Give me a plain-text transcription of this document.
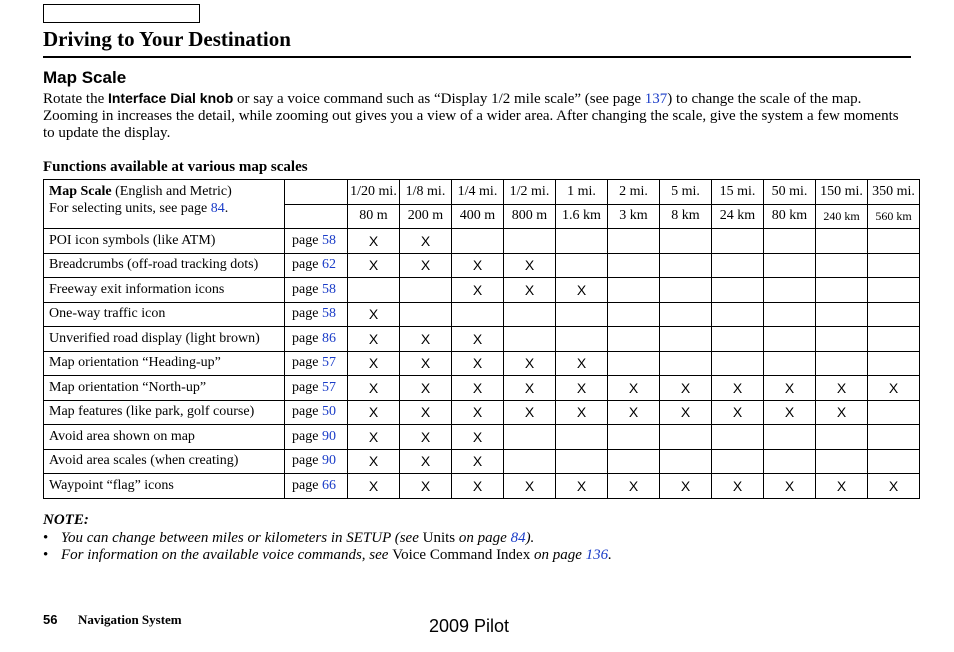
Driving to Your Destination
Map Scale
Rotate the Interface Dial knob or say a voice command such as “Display 1/2 mile scale” (see page 137) to change the scale of the map. Zooming in increases the detail, while zooming out gives you a view of a wider area. After changing the scale, give the system a few moments to update the display.
Functions available at various map scales
Map Scale (English and Metric)
For selecting units, see page 84.		1/20 mi.	1/8 mi.	1/4 mi.	1/2 mi.	1 mi.	2 mi.	5 mi.	15 mi.	50 mi.	150 mi.	350 mi.
		80 m	200 m	400 m	800 m	1.6 km	3 km	8 km	24 km	80 km	240 km	560 km
POI icon symbols (like ATM)	page 58	X	X									
Breadcrumbs (off-road tracking dots)	page 62	X	X	X	X							
Freeway exit information icons	page 58			X	X	X						
One-way traffic icon	page 58	X										
Unverified road display (light brown)	page 86	X	X	X								
Map orientation “Heading-up”	page 57	X	X	X	X	X						
Map orientation “North-up”	page 57	X	X	X	X	X	X	X	X	X	X	X
Map features (like park, golf course)	page 50	X	X	X	X	X	X	X	X	X	X	
Avoid area shown on map	page 90	X	X	X								
Avoid area scales (when creating)	page 90	X	X	X								
Waypoint “flag” icons	page 66	X	X	X	X	X	X	X	X	X	X	X
NOTE:
• You can change between miles or kilometers in SETUP (see Units on page 84).
• For information on the available voice commands, see Voice Command Index on page 136.
56 Navigation System	2009 Pilot
